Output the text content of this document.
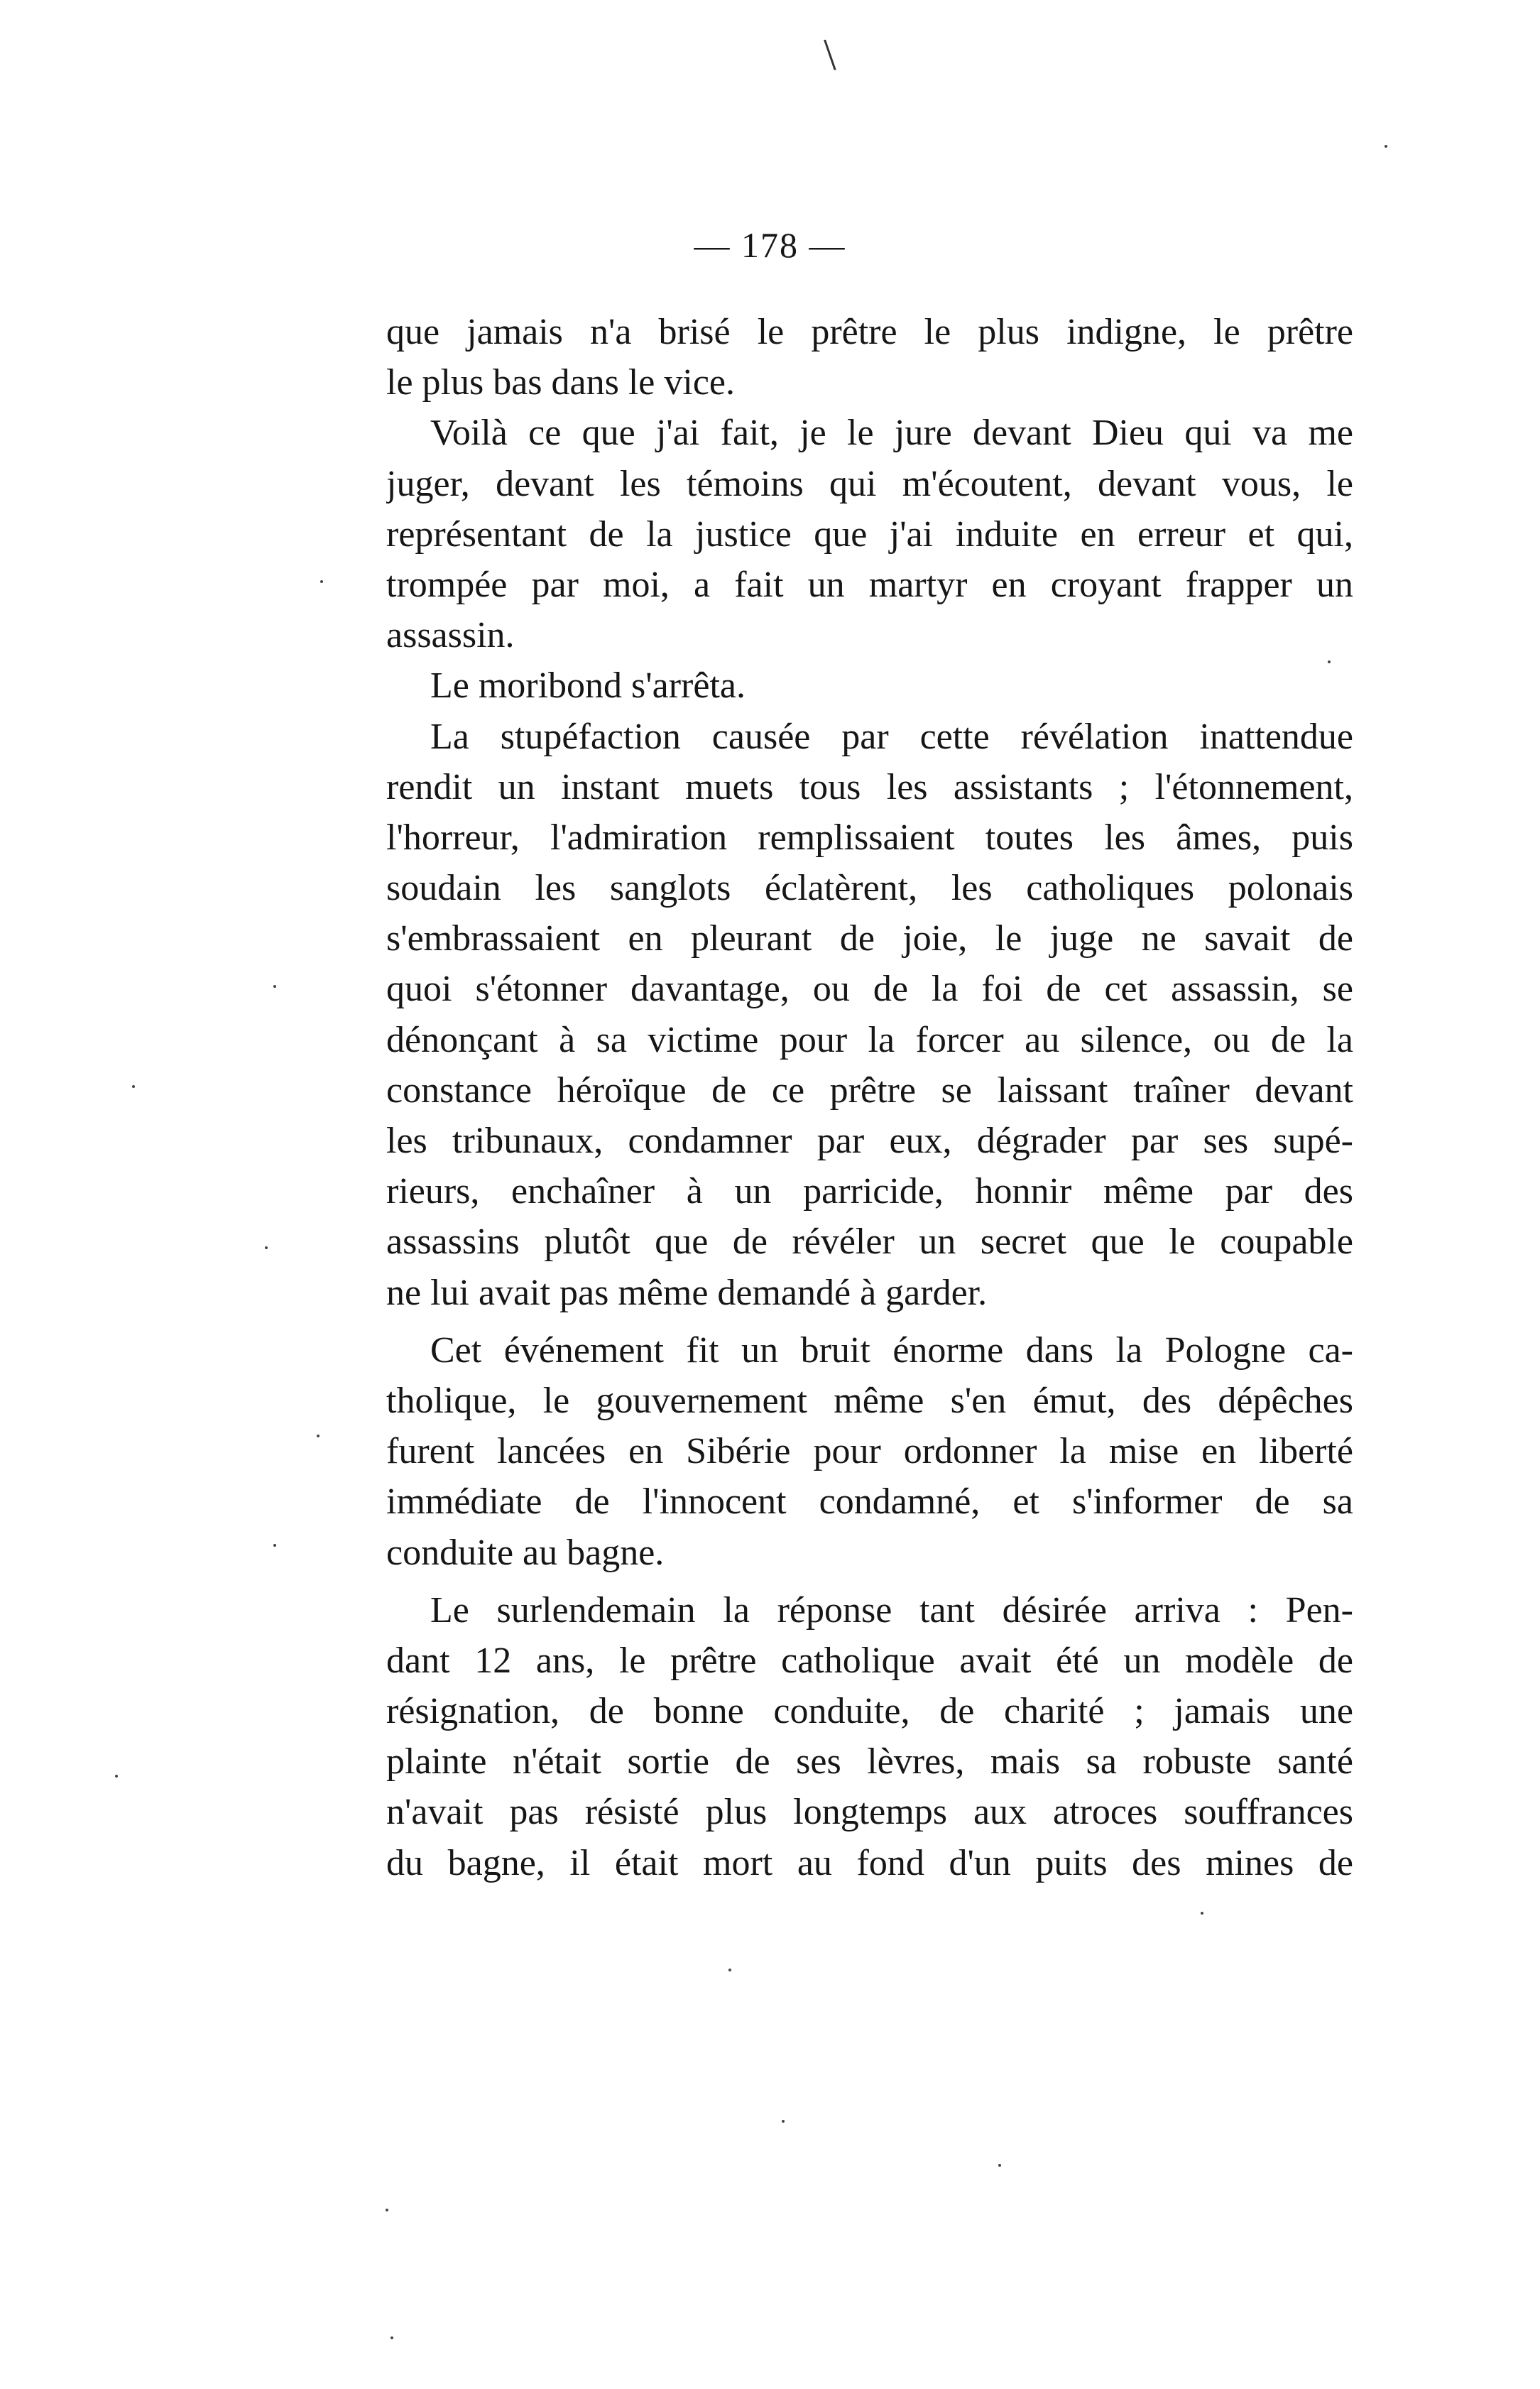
\
— 178 —
que jamais n'a brisé le prêtre le plus indigne, le prêtre
le plus bas dans le vice.
Voilà ce que j'ai fait, je le jure devant Dieu qui va me
juger, devant les témoins qui m'écoutent, devant vous, le
représentant de la justice que j'ai induite en erreur et qui,
trompée par moi, a fait un martyr en croyant frapper un
assassin.
Le moribond s'arrêta.
La stupéfaction causée par cette révélation inattendue
rendit un instant muets tous les assistants ; l'étonnement,
l'horreur, l'admiration remplissaient toutes les âmes, puis
soudain les sanglots éclatèrent, les catholiques polonais
s'embrassaient en pleurant de joie, le juge ne savait de
quoi s'étonner davantage, ou de la foi de cet assassin, se
dénonçant à sa victime pour la forcer au silence, ou de la
constance héroïque de ce prêtre se laissant traîner devant
les tribunaux, condamner par eux, dégrader par ses supé-
rieurs, enchaîner à un parricide, honnir même par des
assassins plutôt que de révéler un secret que le coupable
ne lui avait pas même demandé à garder.
Cet événement fit un bruit énorme dans la Pologne ca-
tholique, le gouvernement même s'en émut, des dépêches
furent lancées en Sibérie pour ordonner la mise en liberté
immédiate de l'innocent condamné, et s'informer de sa
conduite au bagne.
Le surlendemain la réponse tant désirée arriva : Pen-
dant 12 ans, le prêtre catholique avait été un modèle de
résignation, de bonne conduite, de charité ; jamais une
plainte n'était sortie de ses lèvres, mais sa robuste santé
n'avait pas résisté plus longtemps aux atroces souffrances
du bagne, il était mort au fond d'un puits des mines de
